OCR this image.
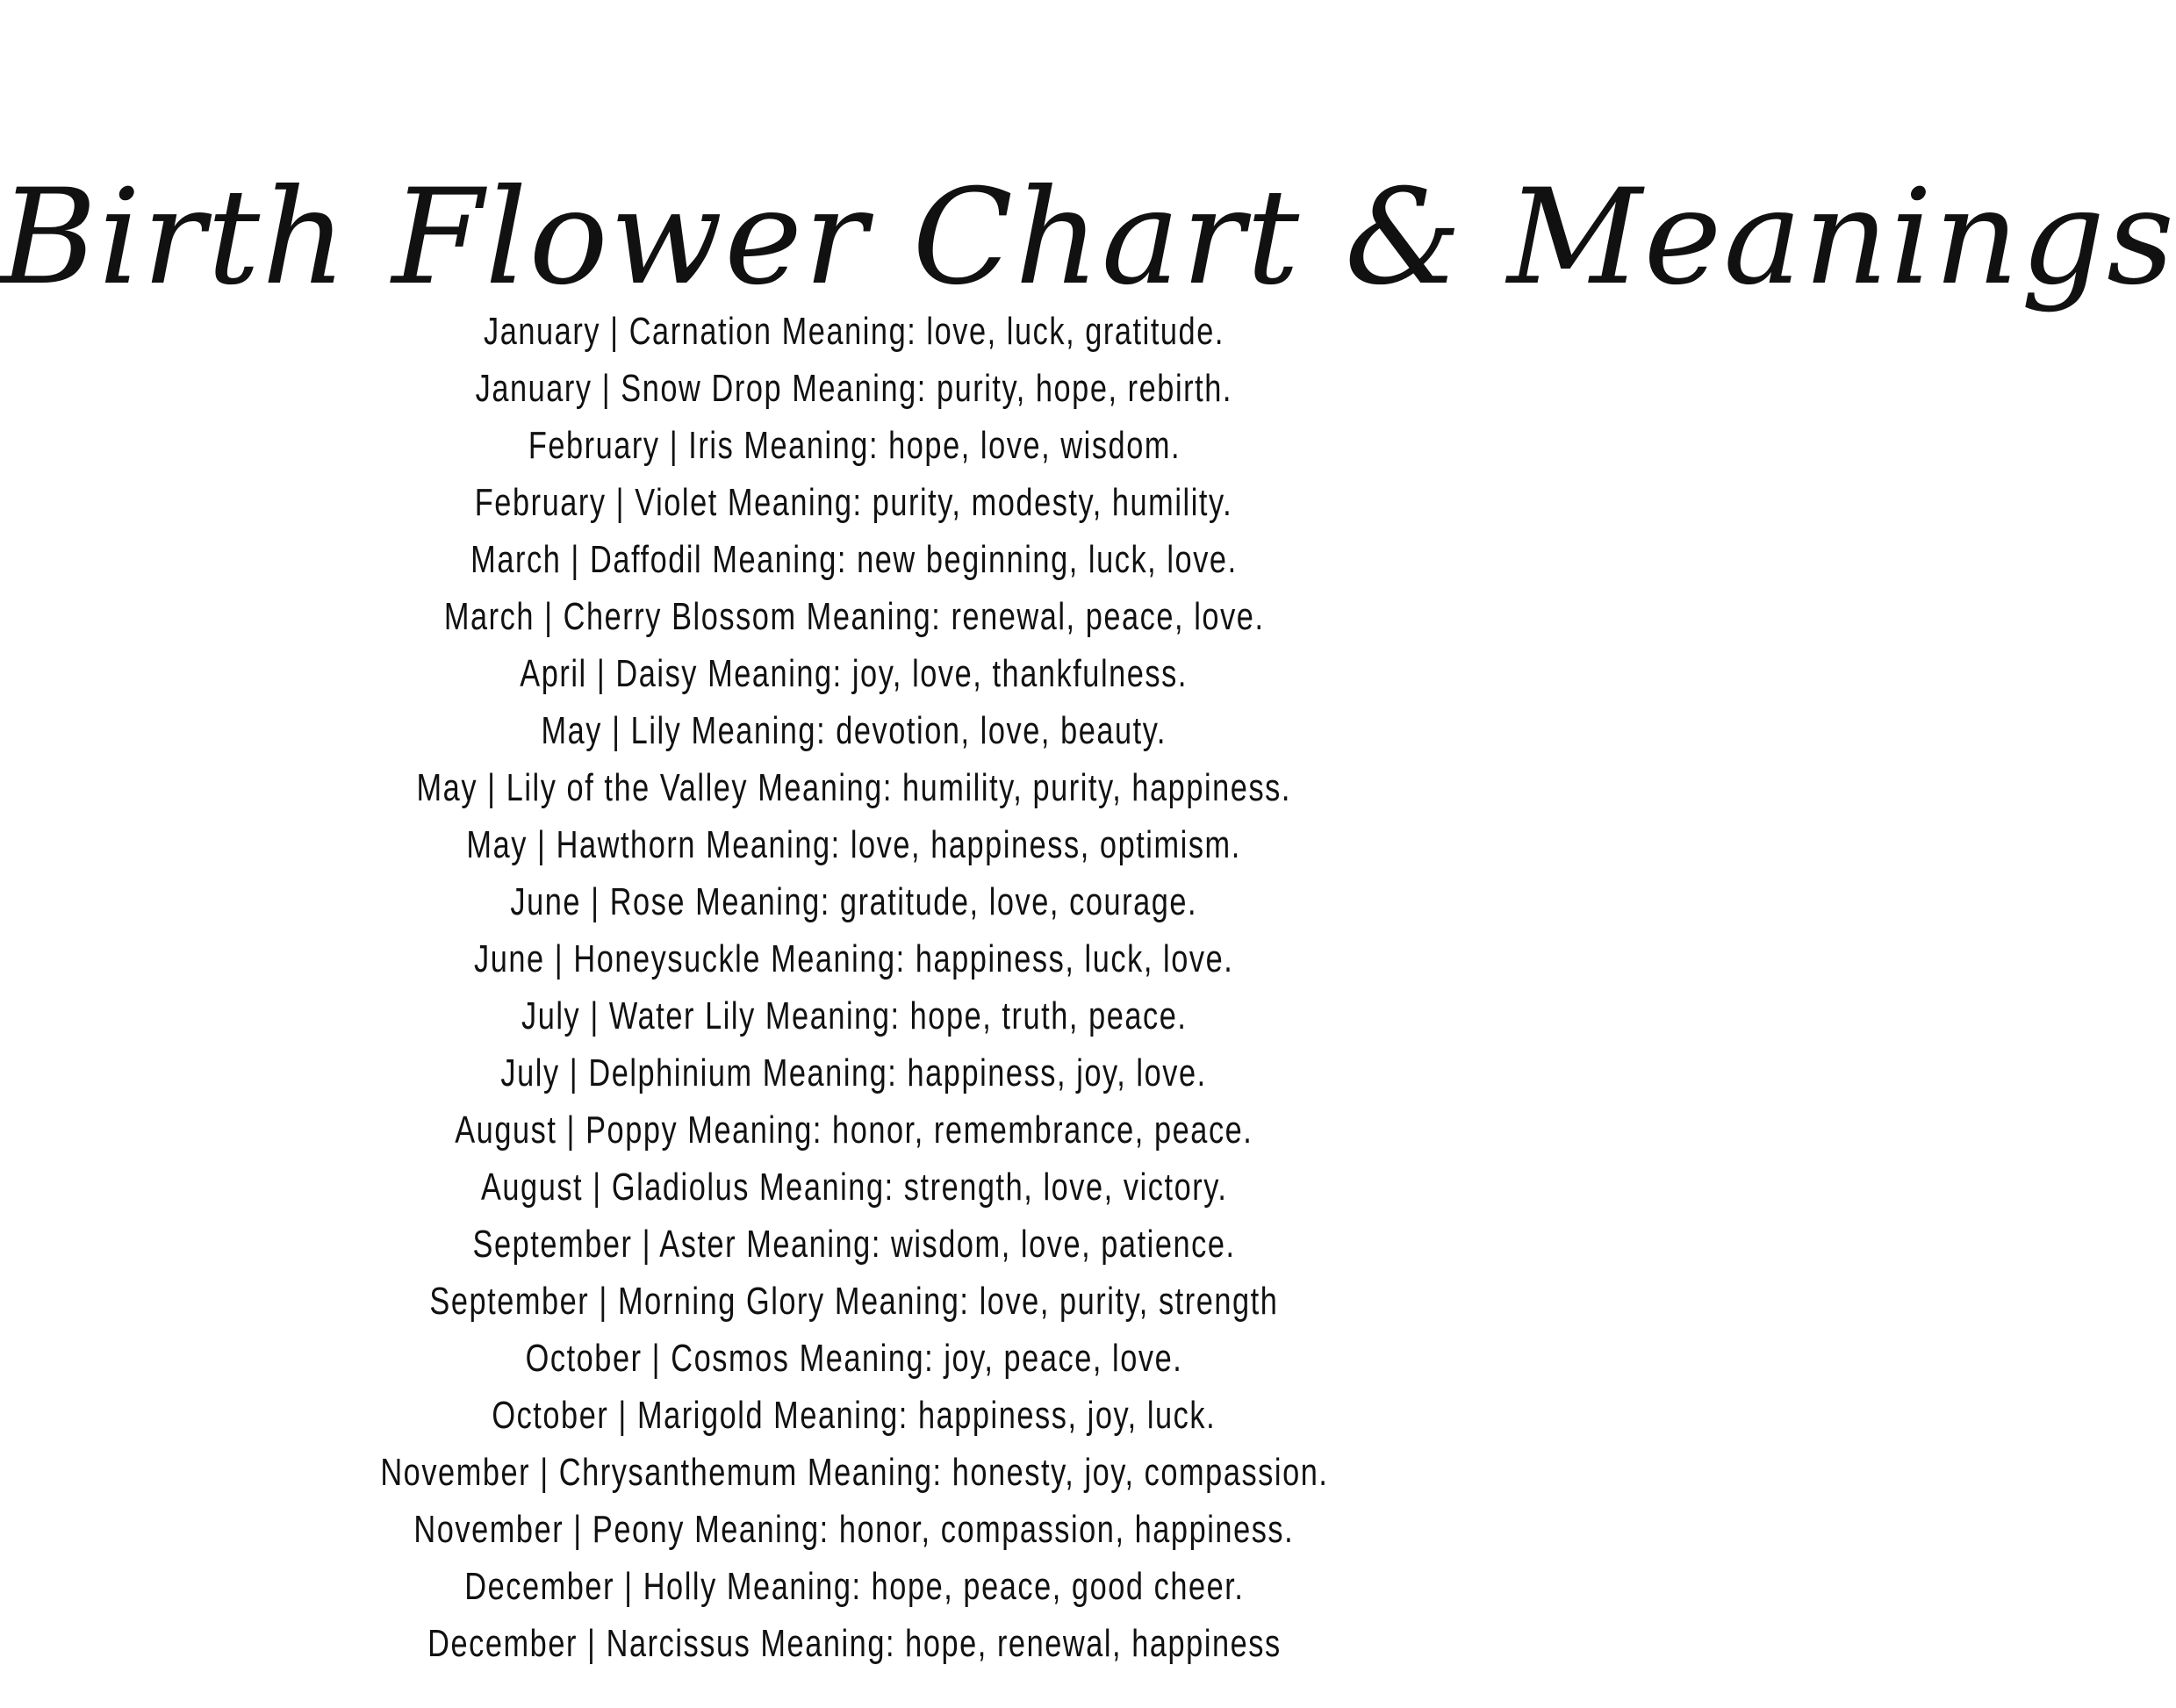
Birth Flower Chart & Meanings
January | Carnation Meaning: love, luck, gratitude.
January | Snow Drop Meaning: purity, hope, rebirth.
February | Iris Meaning: hope, love, wisdom.
February | Violet Meaning: purity, modesty, humility.
March | Daffodil Meaning: new beginning, luck, love.
March | Cherry Blossom Meaning: renewal, peace, love.
April | Daisy Meaning: joy, love, thankfulness.
May | Lily Meaning: devotion, love, beauty.
May | Lily of the Valley Meaning: humility, purity, happiness.
May | Hawthorn Meaning: love, happiness, optimism.
June | Rose Meaning: gratitude, love, courage.
June | Honeysuckle Meaning: happiness, luck, love.
July | Water Lily Meaning: hope, truth, peace.
July | Delphinium Meaning: happiness, joy, love.
August | Poppy Meaning: honor, remembrance, peace.
August | Gladiolus Meaning: strength, love, victory.
September | Aster Meaning: wisdom, love, patience.
September | Morning Glory Meaning: love, purity, strength
October | Cosmos Meaning: joy, peace, love.
October | Marigold Meaning: happiness, joy, luck.
November | Chrysanthemum Meaning: honesty, joy, compassion.
November | Peony Meaning: honor, compassion, happiness.
December | Holly Meaning: hope, peace, good cheer.
December | Narcissus Meaning: hope, renewal, happiness
